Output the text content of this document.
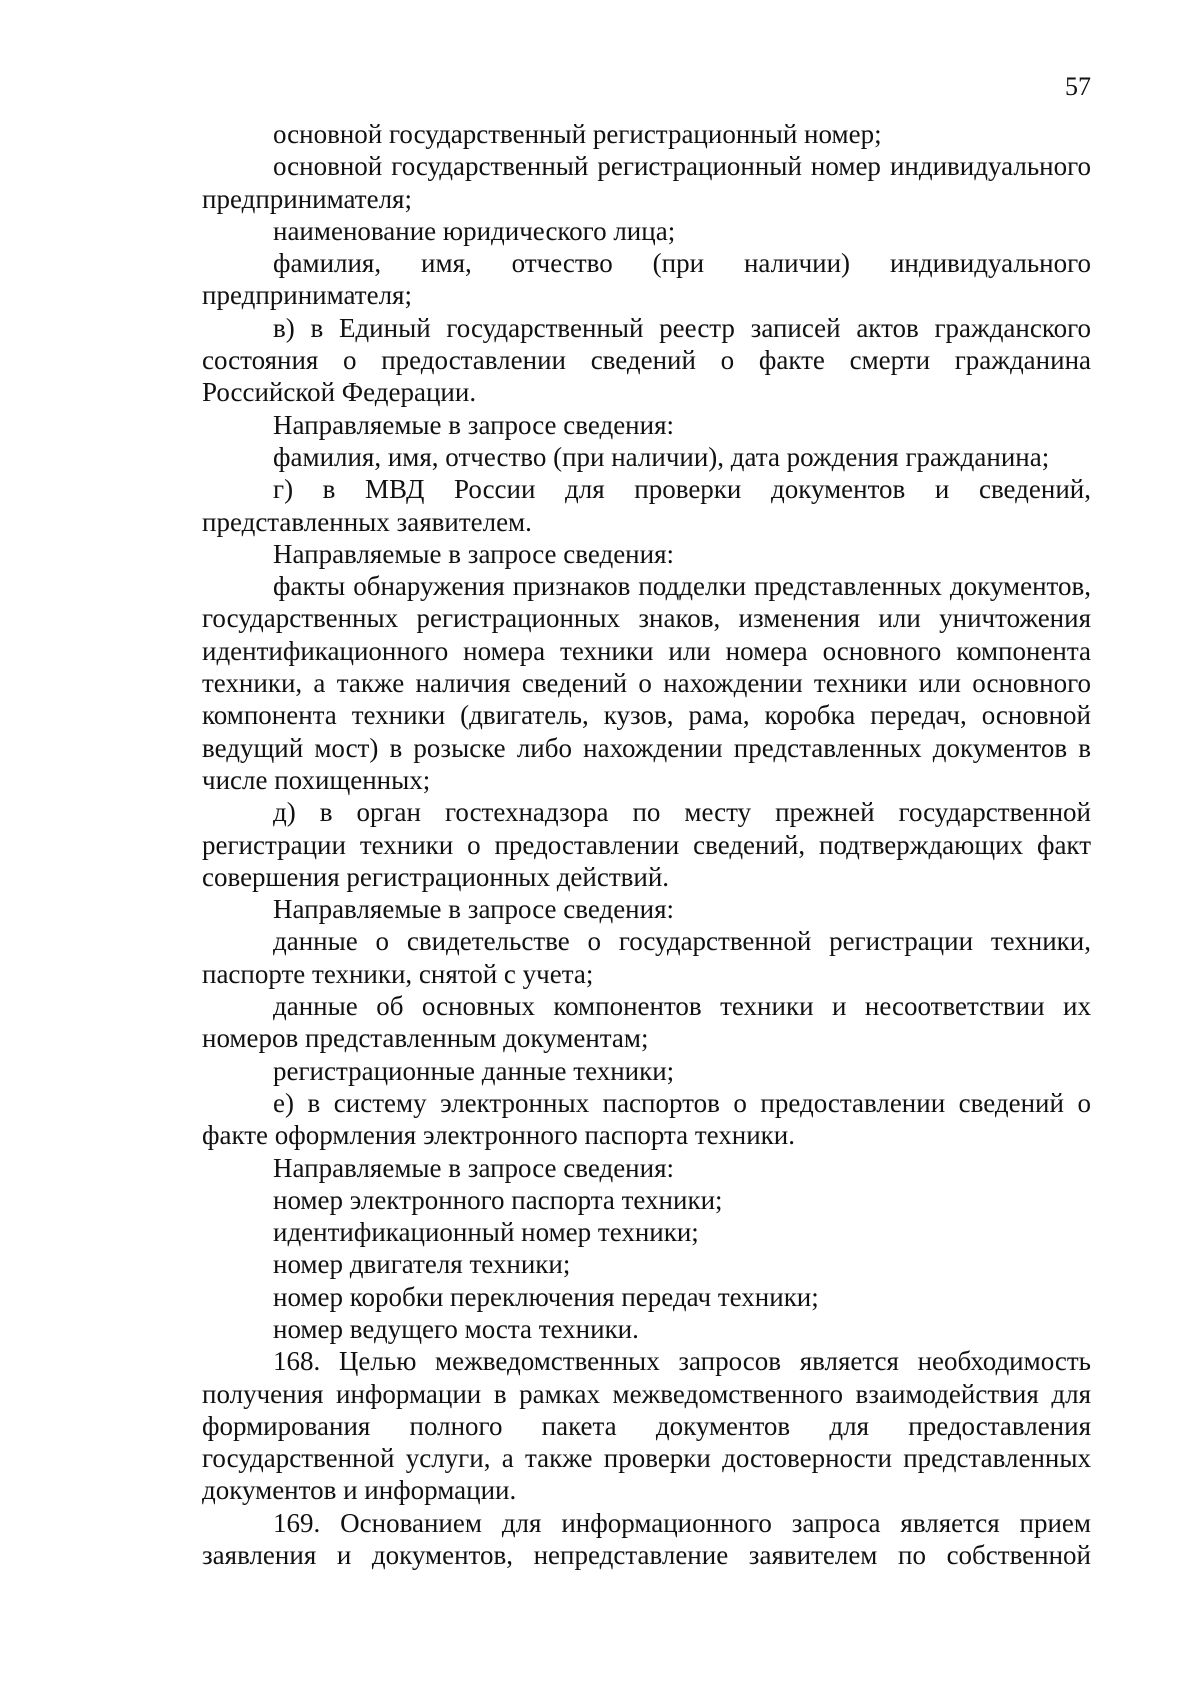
57

основной государственный регистрационный номер;

основной государственный регистрационный номер индивидуального предпринимателя;

наименование юридического лица;

фамилия, имя, отчество (при наличии) индивидуального предпринимателя;

в) в Единый государственный реестр записей актов гражданского состояния о предоставлении сведений о факте смерти гражданина Российской Федерации.

Направляемые в запросе сведения:

фамилия, имя, отчество (при наличии), дата рождения гражданина;

г) в МВД России для проверки документов и сведений, представленных заявителем.

Направляемые в запросе сведения:

факты обнаружения признаков подделки представленных документов, государственных регистрационных знаков, изменения или уничтожения идентификационного номера техники или номера основного компонента техники, а также наличия сведений о нахождении техники или основного компонента техники (двигатель, кузов, рама, коробка передач, основной ведущий мост) в розыске либо нахождении представленных документов в числе похищенных;

д) в орган гостехнадзора по месту прежней государственной регистрации техники о предоставлении сведений, подтверждающих факт совершения регистрационных действий.

Направляемые в запросе сведения:

данные о свидетельстве о государственной регистрации техники, паспорте техники, снятой с учета;

данные об основных компонентов техники и несоответствии их номеров представленным документам;

регистрационные данные техники;

е) в систему электронных паспортов о предоставлении сведений о факте оформления электронного паспорта техники.

Направляемые в запросе сведения:

номер электронного паспорта техники;

идентификационный номер техники;

номер двигателя техники;

номер коробки переключения передач техники;

номер ведущего моста техники.

168. Целью межведомственных запросов является необходимость получения информации в рамках межведомственного взаимодействия для формирования полного пакета документов для предоставления государственной услуги, а также проверки достоверности представленных документов и информации.

169. Основанием для информационного запроса является прием заявления и документов, непредставление заявителем по собственной
